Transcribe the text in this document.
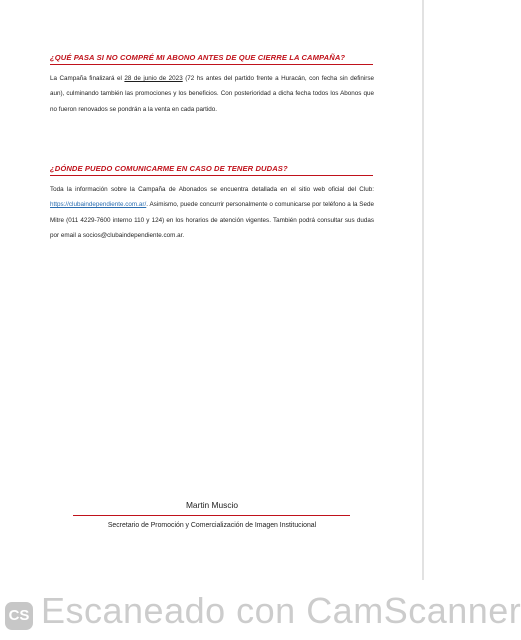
¿QUÉ PASA SI NO COMPRÉ MI ABONO ANTES DE QUE CIERRE LA CAMPAÑA?
La Campaña finalizará el 28 de junio de 2023 (72 hs antes del partido frente a Huracán, con fecha sin definirse aun), culminando también las promociones y los beneficios. Con posterioridad a dicha fecha todos los Abonos que no fueron renovados se pondrán a la venta en cada partido.
¿DÓNDE PUEDO COMUNICARME EN CASO DE TENER DUDAS?
Toda la información sobre la Campaña de Abonados se encuentra detallada en el sitio web oficial del Club: https://clubaindependiente.com.ar/. Asimismo, puede concurrir personalmente o comunicarse por teléfono a la Sede Mitre (011 4229-7600 interno 110 y 124) en los horarios de atención vigentes. También podrá consultar sus dudas por email a socios@clubaindependiente.com.ar.
Martin Muscio
Secretario de Promoción y Comercialización de Imagen Institucional
CS Escaneado con CamScanner
